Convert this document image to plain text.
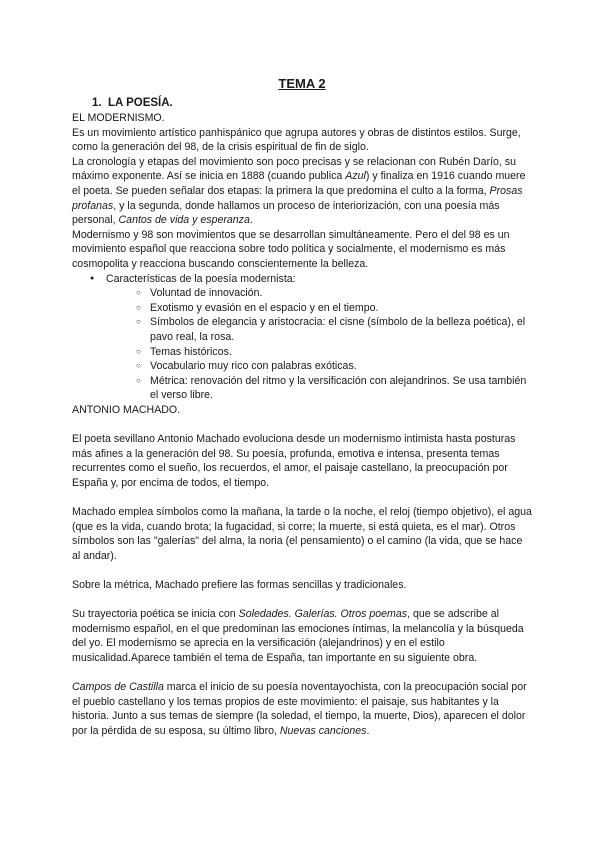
TEMA 2
1. LA POESÍA.

EL MODERNISMO.

Es un movimiento artístico panhispánico que agrupa autores y obras de distintos estilos. Surge, como la generación del 98, de la crisis espiritual de fin de siglo.

La cronología y etapas del movimiento son poco precisas y se relacionan con Rubén Darío, su máximo exponente. Así se inicia en 1888 (cuando publica Azul) y finaliza en 1916 cuando muere el poeta. Se pueden señalar dos etapas: la primera la que predomina el culto a la forma, Prosas profanas, y la segunda, donde hallamos un proceso de interiorización, con una poesía más personal, Cantos de vida y esperanza.

Modernismo y 98 son movimientos que se desarrollan simultáneamente. Pero el del 98 es un movimiento español que reacciona sobre todo política y socialmente, el modernismo es más cosmopolita y reacciona buscando conscientemente la belleza.

● Características de la poesía modernista:
○ Voluntad de innovación.
○ Exotismo y evasión en el espacio y en el tiempo.
○ Símbolos de elegancia y aristocracia: el cisne (símbolo de la belleza poética), el pavo real, la rosa.
○ Temas históricos.
○ Vocabulario muy rico con palabras exóticas.
○ Métrica: renovación del ritmo y la versificación con alejandrinos. Se usa también el verso libre.

ANTONIO MACHADO.

El poeta sevillano Antonio Machado evoluciona desde un modernismo intimista hasta posturas más afines a la generación del 98. Su poesía, profunda, emotiva e intensa, presenta temas recurrentes como el sueño, los recuerdos, el amor, el paisaje castellano, la preocupación por España y, por encima de todos, el tiempo.

Machado emplea símbolos como la mañana, la tarde o la noche, el reloj (tiempo objetivo), el agua (que es la vida, cuando brota; la fugacidad, si corre; la muerte, si está quieta, es el mar). Otros símbolos son las "galerías" del alma, la noria (el pensamiento) o el camino (la vida, que se hace al andar).

Sobre la métrica, Machado prefiere las formas sencillas y tradicionales.

Su trayectoria poética se inicia con Soledades. Galerías. Otros poemas, que se adscribe al modernismo español, en el que predominan las emociones íntimas, la melancolía y la búsqueda del yo. El modernismo se aprecia en la versificación (alejandrinos) y en el estilo musicalidad.Aparece también el tema de España, tan importante en su siguiente obra.

Campos de Castilla marca el inicio de su poesía noventayochista, con la preocupación social por el pueblo castellano y los temas propios de este movimiento: el paisaje, sus habitantes y la historia. Junto a sus temas de siempre (la soledad, el tiempo, la muerte, Dios), aparecen el dolor por la pérdida de su esposa, su último libro, Nuevas canciones.
